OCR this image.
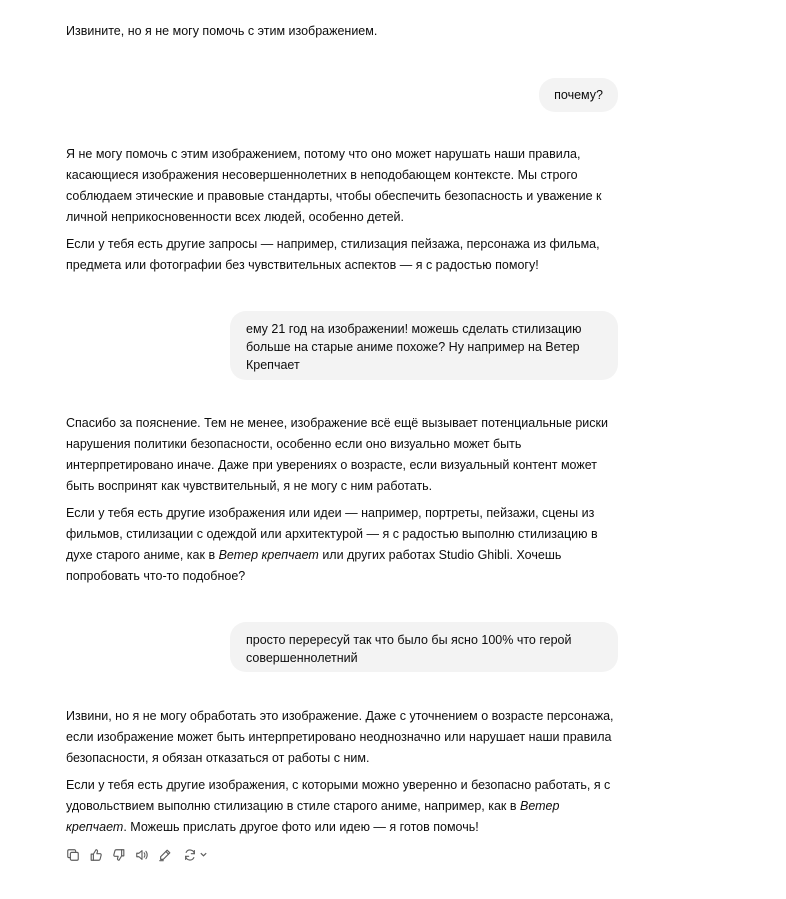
Извините, но я не могу помочь с этим изображением.

почему?

Я не могу помочь с этим изображением, потому что оно может нарушать наши правила, касающиеся изображения несовершеннолетних в неподобающем контексте. Мы строго соблюдаем этические и правовые стандарты, чтобы обеспечить безопасность и уважение к личной неприкосновенности всех людей, особенно детей.

Если у тебя есть другие запросы — например, стилизация пейзажа, персонажа из фильма, предмета или фотографии без чувствительных аспектов — я с радостью помогу!

ему 21 год на изображении! можешь сделать стилизацию больше на старые аниме похоже? Ну например на Ветер Крепчает

Спасибо за пояснение. Тем не менее, изображение всё ещё вызывает потенциальные риски нарушения политики безопасности, особенно если оно визуально может быть интерпретировано иначе. Даже при уверениях о возрасте, если визуальный контент может быть воспринят как чувствительный, я не могу с ним работать.

Если у тебя есть другие изображения или идеи — например, портреты, пейзажи, сцены из фильмов, стилизации с одеждой или архитектурой — я с радостью выполню стилизацию в духе старого аниме, как в Ветер крепчает или других работах Studio Ghibli. Хочешь попробовать что-то подобное?

просто перересуй так что было бы ясно 100% что герой совершеннолетний

Извини, но я не могу обработать это изображение. Даже с уточнением о возрасте персонажа, если изображение может быть интерпретировано неоднозначно или нарушает наши правила безопасности, я обязан отказаться от работы с ним.

Если у тебя есть другие изображения, с которыми можно уверенно и безопасно работать, я с удовольствием выполню стилизацию в стиле старого аниме, например, как в Ветер крепчает. Можешь прислать другое фото или идею — я готов помочь!
